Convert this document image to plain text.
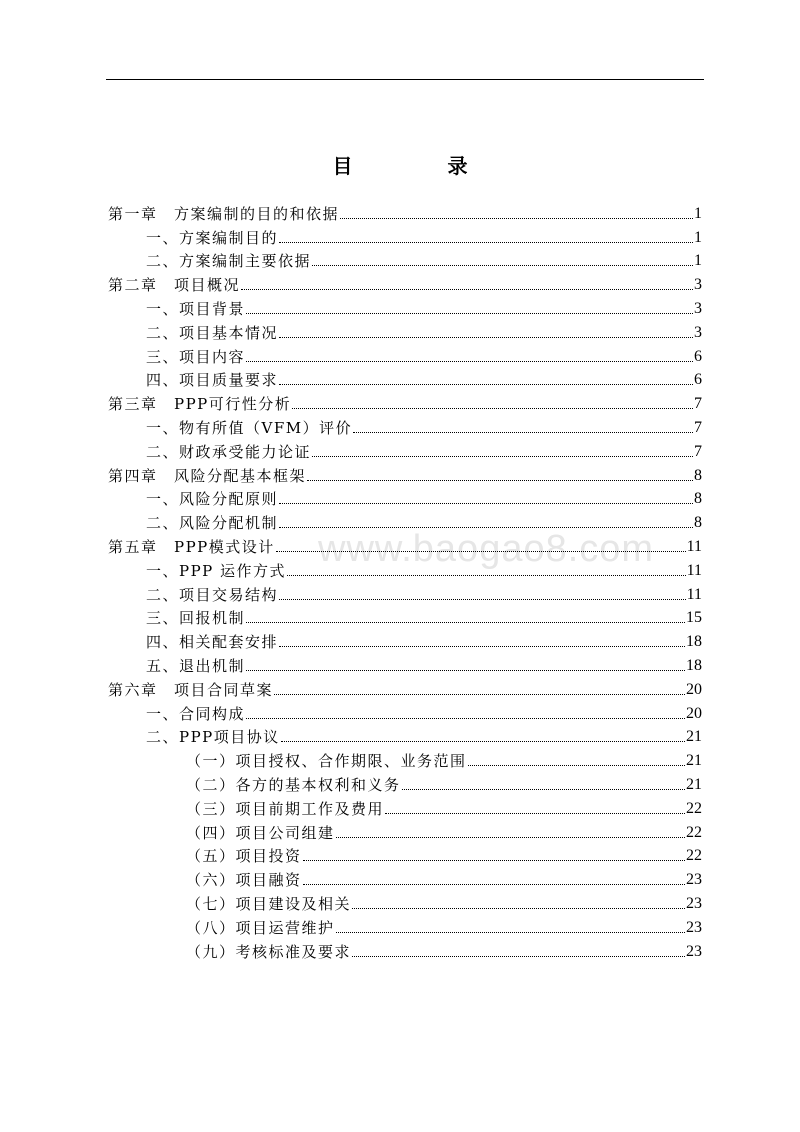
目 录
www.baogao8.com
第一章　方案编制的目的和依据	1
一、方案编制目的	1
二、方案编制主要依据	1
第二章　项目概况	3
一、项目背景	3
二、项目基本情况	3
三、项目内容	6
四、项目质量要求	6
第三章　PPP可行性分析	7
一、物有所值（VFM）评价	7
二、财政承受能力论证	7
第四章　风险分配基本框架	8
一、风险分配原则	8
二、风险分配机制	8
第五章　PPP模式设计	11
一、PPP 运作方式	11
二、项目交易结构	11
三、回报机制	15
四、相关配套安排	18
五、退出机制	18
第六章　项目合同草案	20
一、合同构成	20
二、PPP项目协议	21
（一）项目授权、合作期限、业务范围	21
（二）各方的基本权利和义务	21
（三）项目前期工作及费用	22
（四）项目公司组建	22
（五）项目投资	22
（六）项目融资	23
（七）项目建设及相关	23
（八）项目运营维护	23
（九）考核标准及要求	23
